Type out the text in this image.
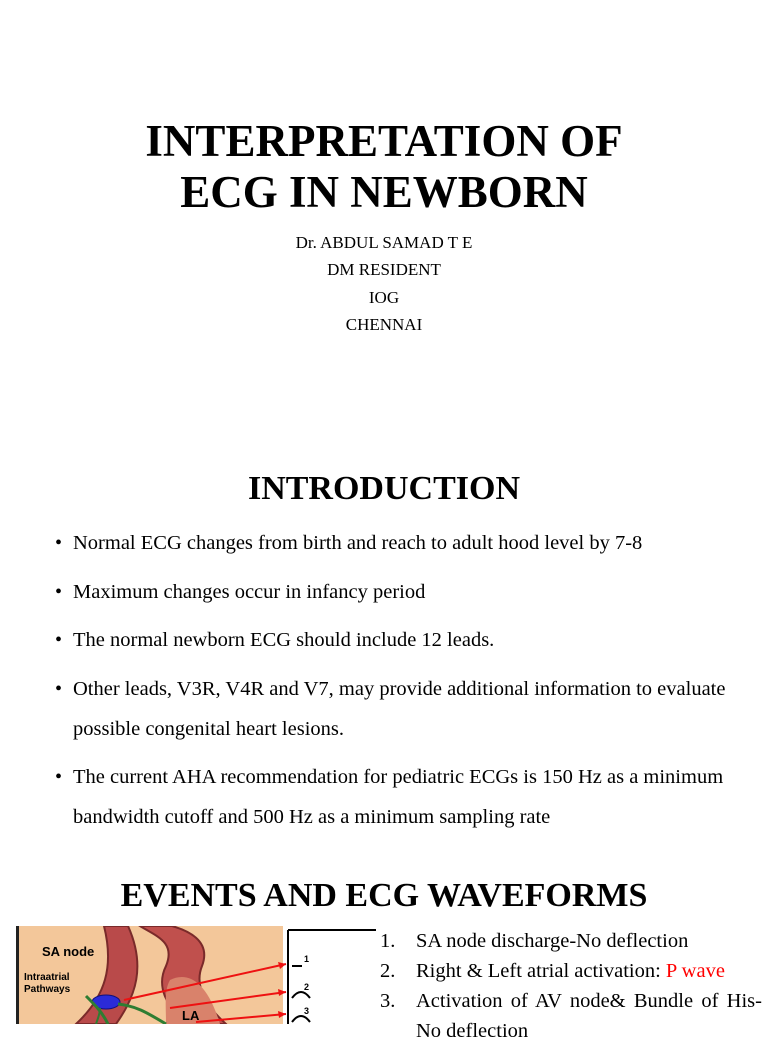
INTERPRETATION OF
ECG IN NEWBORN
Dr. ABDUL SAMAD T E
DM RESIDENT
IOG
CHENNAI
INTRODUCTION
• Normal ECG changes from birth and reach to adult hood level by 7-8
• Maximum changes occur in infancy period
• The normal newborn ECG should include 12 leads.
• Other leads, V3R, V4R and V7, may provide additional information to evaluate possible congenital heart lesions.
• The current AHA recommendation for pediatric ECGs is 150 Hz as a minimum bandwidth cutoff and 500 Hz as a minimum sampling rate
EVENTS AND ECG WAVEFORMS
SA node
Intraatrial
Pathways
LA
1
2
3
1. SA node discharge-No deflection
2. Right & Left atrial activation: P wave
3. Activation of AV node& Bundle of His-No deflection
